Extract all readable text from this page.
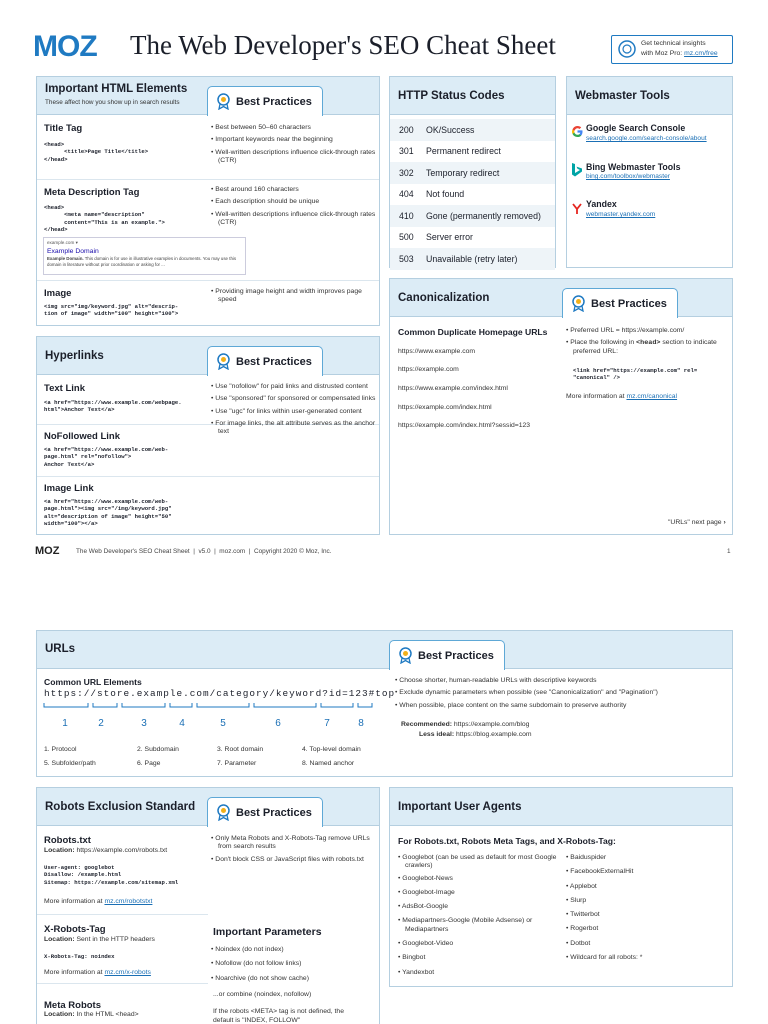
MOZ The Web Developer's SEO Cheat Sheet	Get technical insights
with Moz Pro: mz.cm/free
Important HTML Elements
These affect how you show up in search results	Best Practices
Title Tag
<head>
<title>Page Title</title>
</head>
• Best between 50–60 characters
• Important keywords near the beginning
• Well-written descriptions influence click-through rates (CTR)
Meta Description Tag
<head>
<meta name="description"
content="This is an example.">
</head>
example.com ▾
Example Domain
Example Domain. This domain is for use in illustrative examples in documents. You may use this domain in literature without prior coordination or asking for ...
• Best around 160 characters
• Each description should be unique
• Well-written descriptions influence click-through rates (CTR)
Image
<img src="img/keyword.jpg" alt="descrip-
tion of image" width="100" height="100">
• Providing image height and width improves page speed
Hyperlinks	Best Practices
Text Link
<a href="https://www.example.com/webpage.
html">Anchor Text</a>
NoFollowed Link
<a href="https://www.example.com/web-
page.html" rel="nofollow">
Anchor Text</a>
Image Link
<a href="https://www.example.com/web-
page.html"><img src="/img/keyword.jpg"
alt="description of image" height="50"
width="100"></a>
• Use "nofollow" for paid links and distrusted content
• Use "sponsored" for sponsored or compensated links
• Use "ugc" for links within user-generated content
• For image links, the alt attribute serves as the anchor text
HTTP Status Codes
200	OK/Success
301	Permanent redirect
302	Temporary redirect
404	Not found
410	Gone (permanently removed)
500	Server error
503	Unavailable (retry later)
Webmaster Tools
Google Search Console
search.google.com/search-console/about
Bing Webmaster Tools
bing.com/toolbox/webmaster
Yandex
webmaster.yandex.com
Canonicalization	Best Practices
Common Duplicate Homepage URLs
https://www.example.com
https://example.com
https://www.example.com/index.html
https://example.com/index.html
https://example.com/index.html?sessid=123
• Preferred URL = https://example.com/
• Place the following in <head> section to indicate preferred URL:
<link href="https://example.com" rel=
"canonical" />
More information at mz.cm/canonical
"URLs" next page ›
MOZ	The Web Developer's SEO Cheat Sheet  |  v5.0  |  moz.com  |  Copyright 2020 © Moz, Inc.	1
URLs
Best Practices
Common URL Elements
https://store.example.com/category/keyword?id=123#top
1	2	3	4	5	6	7	8
1. Protocol	2. Subdomain	3. Root domain	4. Top-level domain
5. Subfolder/path	6. Page	7. Parameter	8. Named anchor
• Choose shorter, human-readable URLs with descriptive keywords
• Exclude dynamic parameters when possible (see "Canonicalization" and "Pagination")
• When possible, place content on the same subdomain to preserve authority
Recommended: https://example.com/blog
Less ideal: https://blog.example.com
Robots Exclusion Standard	Best Practices
Robots.txt
Location: https://example.com/robots.txt
User-agent: googlebot
Disallow: /example.html
Sitemap: https://example.com/sitemap.xml
More information at mz.cm/robotstxt
• Only Meta Robots and X-Robots-Tag remove URLs from search results
• Don't block CSS or JavaScript files with robots.txt
X-Robots-Tag
Location: Sent in the HTTP headers
X-Robots-Tag: noindex
More information at mz.cm/x-robots
Important Parameters
• Noindex (do not index)
• Nofollow (do not follow links)
• Noarchive (do not show cache)
...or combine (noindex, nofollow)
If the robots <META> tag is not defined, the
default is "INDEX, FOLLOW"
Meta Robots
Location: In the HTML <head>
Important User Agents
For Robots.txt, Robots Meta Tags, and X-Robots-Tag:
• Googlebot (can be used as default for most Google crawlers)
• Googlebot-News
• Googlebot-Image
• AdsBot-Google
• Mediapartners-Google (Mobile Adsense) or Mediapartners
• Googlebot-Video
• Bingbot
• Yandexbot
• Baiduspider
• FacebookExternalHit
• Applebot
• Slurp
• Twitterbot
• Rogerbot
• Dotbot
• Wildcard for all robots: *
